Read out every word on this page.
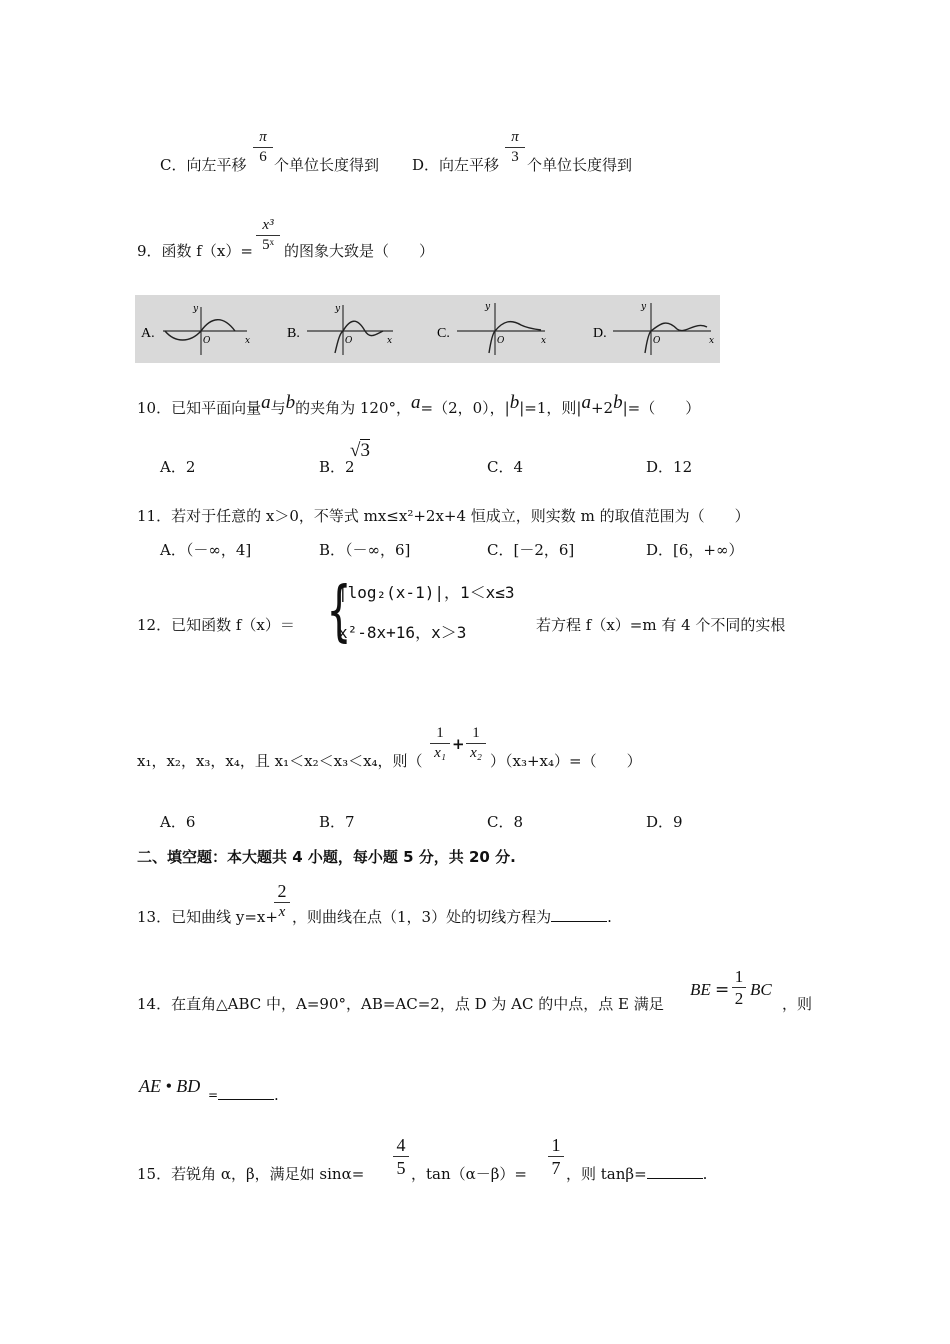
C．向左平移
π
6 个单位长度得到 D．向左平移
π
3 个单位长度得到
9．函数 f（x）=
x³
5ˣ 的图象大致是（　　）
A.
y
O	x	B.
y
O	x	C.
y
O	x	D.
y
O	x
10．已知平面向量a与b的夹角为 120°，a=（2，0），|b|=1，则|a+2b|=（　　）
A．2	B．2
√3
C．4	D．12
11．若对于任意的 x＞0，不等式 mx≤x²+2x+4 恒成立，则实数 m 的取值范围为（　　）
A．（－∞，4]	B．（－∞，6]	C．[－2，6]	D．[6，+∞）
12．已知函数 f（x）＝ {
|log₂(x-1)|，1＜x≤3
x²-8x+16，x＞3	若方程 f（x）=m 有 4 个不同的实根
x₁，x₂，x₃，x₄，且 x₁＜x₂＜x₃＜x₄，则（
1
x₁ +
1
x₂ ）（x₃+x₄）=（　　）
A．6	B．7	C．8	D．9
二、填空题：本大题共 4 小题，每小题 5 分，共 20 分.
13．已知曲线 y=x+
2
x ，则曲线在点（1，3）处的切线方程为	.
14．在直角△ABC 中，A=90°，AB=AC=2，点 D 为 AC 的中点，点 E 满足
BE =
1
2 BC
，则
AE • BD =	.
15．若锐角 α，β，满足如 sinα=
4
5 ，tan（α－β）=
1
7 ，则 tanβ=	.
